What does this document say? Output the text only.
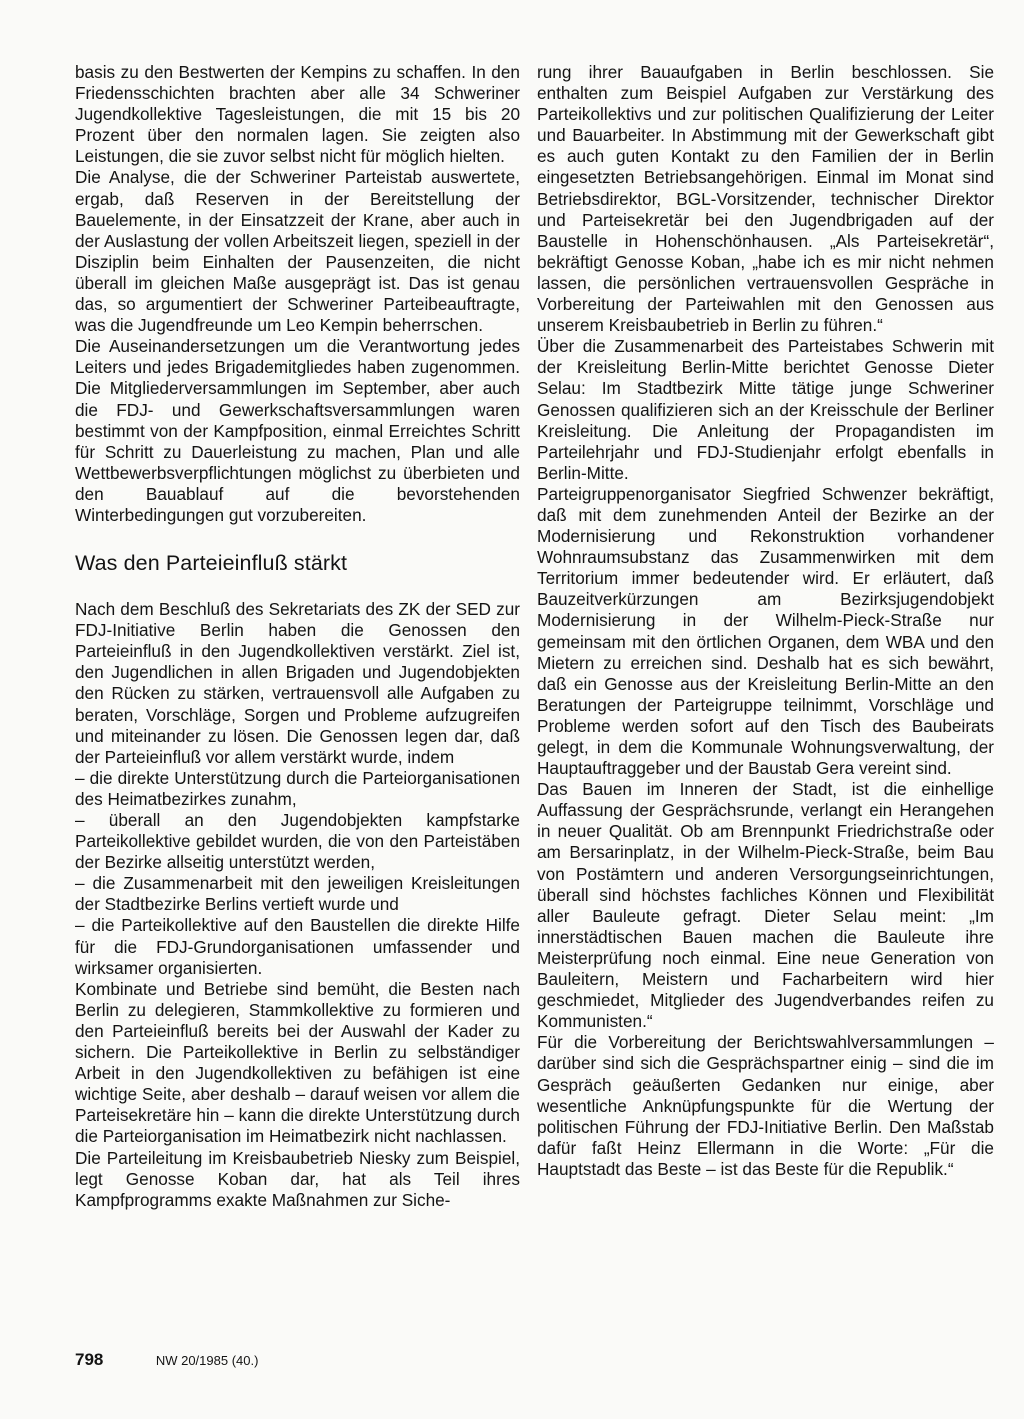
basis zu den Bestwerten der Kempins zu schaffen. In den Friedensschichten brachten aber alle 34 Schweriner Jugendkollektive Tagesleistungen, die mit 15 bis 20 Prozent über den normalen lagen. Sie zeigten also Leistungen, die sie zuvor selbst nicht für möglich hielten.

Die Analyse, die der Schweriner Parteistab auswertete, ergab, daß Reserven in der Bereitstellung der Bauelemente, in der Einsatzzeit der Krane, aber auch in der Auslastung der vollen Arbeitszeit liegen, speziell in der Disziplin beim Einhalten der Pausenzeiten, die nicht überall im gleichen Maße ausgeprägt ist. Das ist genau das, so argumentiert der Schweriner Parteibeauftragte, was die Jugendfreunde um Leo Kempin beherrschen.

Die Auseinandersetzungen um die Verantwortung jedes Leiters und jedes Brigademitgliedes haben zugenommen. Die Mitgliederversammlungen im September, aber auch die FDJ- und Gewerkschaftsversammlungen waren bestimmt von der Kampfposition, einmal Erreichtes Schritt für Schritt zu Dauerleistung zu machen, Plan und alle Wettbewerbsverpflichtungen möglichst zu überbieten und den Bauablauf auf die bevorstehenden Winterbedingungen gut vorzubereiten.

Was den Parteieinfluß stärkt

Nach dem Beschluß des Sekretariats des ZK der SED zur FDJ-Initiative Berlin haben die Genossen den Parteieinfluß in den Jugendkollektiven verstärkt. Ziel ist, den Jugendlichen in allen Brigaden und Jugendobjekten den Rücken zu stärken, vertrauensvoll alle Aufgaben zu beraten, Vorschläge, Sorgen und Probleme aufzugreifen und miteinander zu lösen. Die Genossen legen dar, daß der Parteieinfluß vor allem verstärkt wurde, indem

– die direkte Unterstützung durch die Parteiorganisationen des Heimatbezirkes zunahm,

– überall an den Jugendobjekten kampfstarke Parteikollektive gebildet wurden, die von den Parteistäben der Bezirke allseitig unterstützt werden,

– die Zusammenarbeit mit den jeweiligen Kreisleitungen der Stadtbezirke Berlins vertieft wurde und

– die Parteikollektive auf den Baustellen die direkte Hilfe für die FDJ-Grundorganisationen umfassender und wirksamer organisierten.

Kombinate und Betriebe sind bemüht, die Besten nach Berlin zu delegieren, Stammkollektive zu formieren und den Parteieinfluß bereits bei der Auswahl der Kader zu sichern. Die Parteikollektive in Berlin zu selbständiger Arbeit in den Jugendkollektiven zu befähigen ist eine wichtige Seite, aber deshalb – darauf weisen vor allem die Parteisekretäre hin – kann die direkte Unterstützung durch die Parteiorganisation im Heimatbezirk nicht nachlassen.

Die Parteileitung im Kreisbaubetrieb Niesky zum Beispiel, legt Genosse Koban dar, hat als Teil ihres Kampfprogramms exakte Maßnahmen zur Siche-

rung ihrer Bauaufgaben in Berlin beschlossen. Sie enthalten zum Beispiel Aufgaben zur Verstärkung des Parteikollektivs und zur politischen Qualifizierung der Leiter und Bauarbeiter. In Abstimmung mit der Gewerkschaft gibt es auch guten Kontakt zu den Familien der in Berlin eingesetzten Betriebsangehörigen. Einmal im Monat sind Betriebsdirektor, BGL-Vorsitzender, technischer Direktor und Parteisekretär bei den Jugendbrigaden auf der Baustelle in Hohenschönhausen. „Als Parteisekretär“, bekräftigt Genosse Koban, „habe ich es mir nicht nehmen lassen, die persönlichen vertrauensvollen Gespräche in Vorbereitung der Parteiwahlen mit den Genossen aus unserem Kreisbaubetrieb in Berlin zu führen.“

Über die Zusammenarbeit des Parteistabes Schwerin mit der Kreisleitung Berlin-Mitte berichtet Genosse Dieter Selau: Im Stadtbezirk Mitte tätige junge Schweriner Genossen qualifizieren sich an der Kreisschule der Berliner Kreisleitung. Die Anleitung der Propagandisten im Parteilehrjahr und FDJ-Studienjahr erfolgt ebenfalls in Berlin-Mitte.

Parteigruppenorganisator Siegfried Schwenzer bekräftigt, daß mit dem zunehmenden Anteil der Bezirke an der Modernisierung und Rekonstruktion vorhandener Wohnraumsubstanz das Zusammenwirken mit dem Territorium immer bedeutender wird. Er erläutert, daß Bauzeitverkürzungen am Bezirksjugendobjekt Modernisierung in der Wilhelm-Pieck-Straße nur gemeinsam mit den örtlichen Organen, dem WBA und den Mietern zu erreichen sind. Deshalb hat es sich bewährt, daß ein Genosse aus der Kreisleitung Berlin-Mitte an den Beratungen der Parteigruppe teilnimmt, Vorschläge und Probleme werden sofort auf den Tisch des Baubeirats gelegt, in dem die Kommunale Wohnungsverwaltung, der Hauptauftraggeber und der Baustab Gera vereint sind.

Das Bauen im Inneren der Stadt, ist die einhellige Auffassung der Gesprächsrunde, verlangt ein Herangehen in neuer Qualität. Ob am Brennpunkt Friedrichstraße oder am Bersarinplatz, in der Wilhelm-Pieck-Straße, beim Bau von Postämtern und anderen Versorgungseinrichtungen, überall sind höchstes fachliches Können und Flexibilität aller Bauleute gefragt. Dieter Selau meint: „Im innerstädtischen Bauen machen die Bauleute ihre Meisterprüfung noch einmal. Eine neue Generation von Bauleitern, Meistern und Facharbeitern wird hier geschmiedet, Mitglieder des Jugendverbandes reifen zu Kommunisten.“

Für die Vorbereitung der Berichtswahlversammlungen – darüber sind sich die Gesprächspartner einig – sind die im Gespräch geäußerten Gedanken nur einige, aber wesentliche Anknüpfungspunkte für die Wertung der politischen Führung der FDJ-Initiative Berlin. Den Maßstab dafür faßt Heinz Ellermann in die Worte: „Für die Hauptstadt das Beste – ist das Beste für die Republik.“

798	NW 20/1985 (40.)
